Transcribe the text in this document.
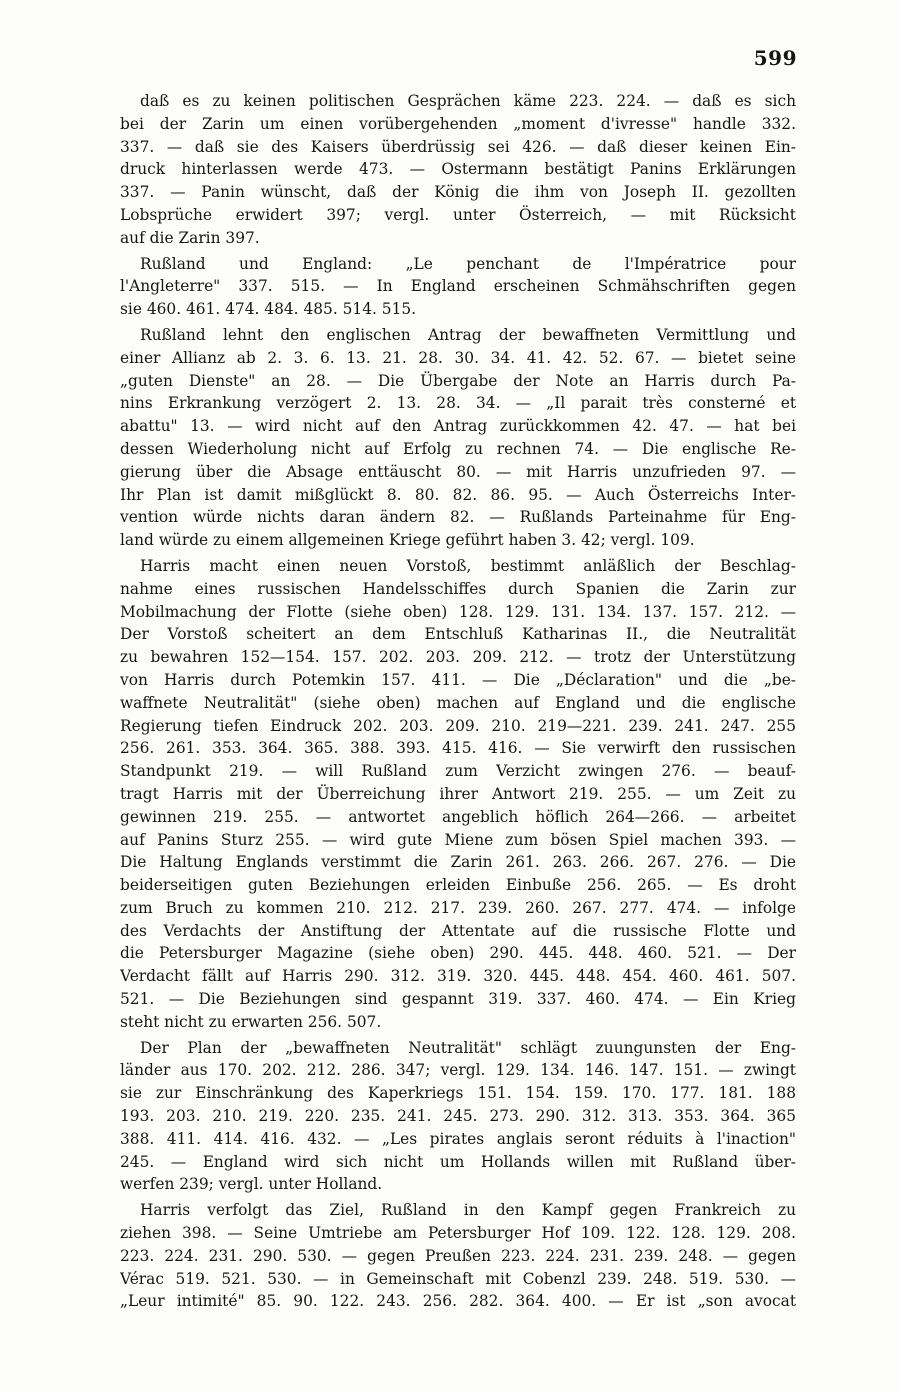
599
daß es zu keinen politischen Gesprächen käme 223. 224. — daß es sich
bei der Zarin um einen vorübergehenden „moment d'ivresse" handle 332.
337. — daß sie des Kaisers überdrüssig sei 426. — daß dieser keinen Ein-
druck hinterlassen werde 473. — Ostermann bestätigt Panins Erklärungen
337. — Panin wünscht, daß der König die ihm von Joseph II. gezollten
Lobsprüche erwidert 397; vergl. unter Österreich, — mit Rücksicht
auf die Zarin 397.
Rußland und England: „Le penchant de l'Impératrice pour
l'Angleterre" 337. 515. — In England erscheinen Schmähschriften gegen
sie 460. 461. 474. 484. 485. 514. 515.
Rußland lehnt den englischen Antrag der bewaffneten Vermittlung und
einer Allianz ab 2. 3. 6. 13. 21. 28. 30. 34. 41. 42. 52. 67. — bietet seine
„guten Dienste" an 28. — Die Übergabe der Note an Harris durch Pa-
nins Erkrankung verzögert 2. 13. 28. 34. — „Il parait très consterné et
abattu" 13. — wird nicht auf den Antrag zurückkommen 42. 47. — hat bei
dessen Wiederholung nicht auf Erfolg zu rechnen 74. — Die englische Re-
gierung über die Absage enttäuscht 80. — mit Harris unzufrieden 97. —
Ihr Plan ist damit mißglückt 8. 80. 82. 86. 95. — Auch Österreichs Inter-
vention würde nichts daran ändern 82. — Rußlands Parteinahme für Eng-
land würde zu einem allgemeinen Kriege geführt haben 3. 42; vergl. 109.
Harris macht einen neuen Vorstoß, bestimmt anläßlich der Beschlag-
nahme eines russischen Handelsschiffes durch Spanien die Zarin zur
Mobilmachung der Flotte (siehe oben) 128. 129. 131. 134. 137. 157. 212. —
Der Vorstoß scheitert an dem Entschluß Katharinas II., die Neutralität
zu bewahren 152—154. 157. 202. 203. 209. 212. — trotz der Unterstützung
von Harris durch Potemkin 157. 411. — Die „Déclaration" und die „be-
waffnete Neutralität" (siehe oben) machen auf England und die englische
Regierung tiefen Eindruck 202. 203. 209. 210. 219—221. 239. 241. 247. 255
256. 261. 353. 364. 365. 388. 393. 415. 416. — Sie verwirft den russischen
Standpunkt 219. — will Rußland zum Verzicht zwingen 276. — beauf-
tragt Harris mit der Überreichung ihrer Antwort 219. 255. — um Zeit zu
gewinnen 219. 255. — antwortet angeblich höflich 264—266. — arbeitet
auf Panins Sturz 255. — wird gute Miene zum bösen Spiel machen 393. —
Die Haltung Englands verstimmt die Zarin 261. 263. 266. 267. 276. — Die
beiderseitigen guten Beziehungen erleiden Einbuße 256. 265. — Es droht
zum Bruch zu kommen 210. 212. 217. 239. 260. 267. 277. 474. — infolge
des Verdachts der Anstiftung der Attentate auf die russische Flotte und
die Petersburger Magazine (siehe oben) 290. 445. 448. 460. 521. — Der
Verdacht fällt auf Harris 290. 312. 319. 320. 445. 448. 454. 460. 461. 507.
521. — Die Beziehungen sind gespannt 319. 337. 460. 474. — Ein Krieg
steht nicht zu erwarten 256. 507.
Der Plan der „bewaffneten Neutralität" schlägt zuungunsten der Eng-
länder aus 170. 202. 212. 286. 347; vergl. 129. 134. 146. 147. 151. — zwingt
sie zur Einschränkung des Kaperkriegs 151. 154. 159. 170. 177. 181. 188
193. 203. 210. 219. 220. 235. 241. 245. 273. 290. 312. 313. 353. 364. 365
388. 411. 414. 416. 432. — „Les pirates anglais seront réduits à l'inaction"
245. — England wird sich nicht um Hollands willen mit Rußland über-
werfen 239; vergl. unter Holland.
Harris verfolgt das Ziel, Rußland in den Kampf gegen Frankreich zu
ziehen 398. — Seine Umtriebe am Petersburger Hof 109. 122. 128. 129. 208.
223. 224. 231. 290. 530. — gegen Preußen 223. 224. 231. 239. 248. — gegen
Vérac 519. 521. 530. — in Gemeinschaft mit Cobenzl 239. 248. 519. 530. —
„Leur intimité" 85. 90. 122. 243. 256. 282. 364. 400. — Er ist „son avocat
